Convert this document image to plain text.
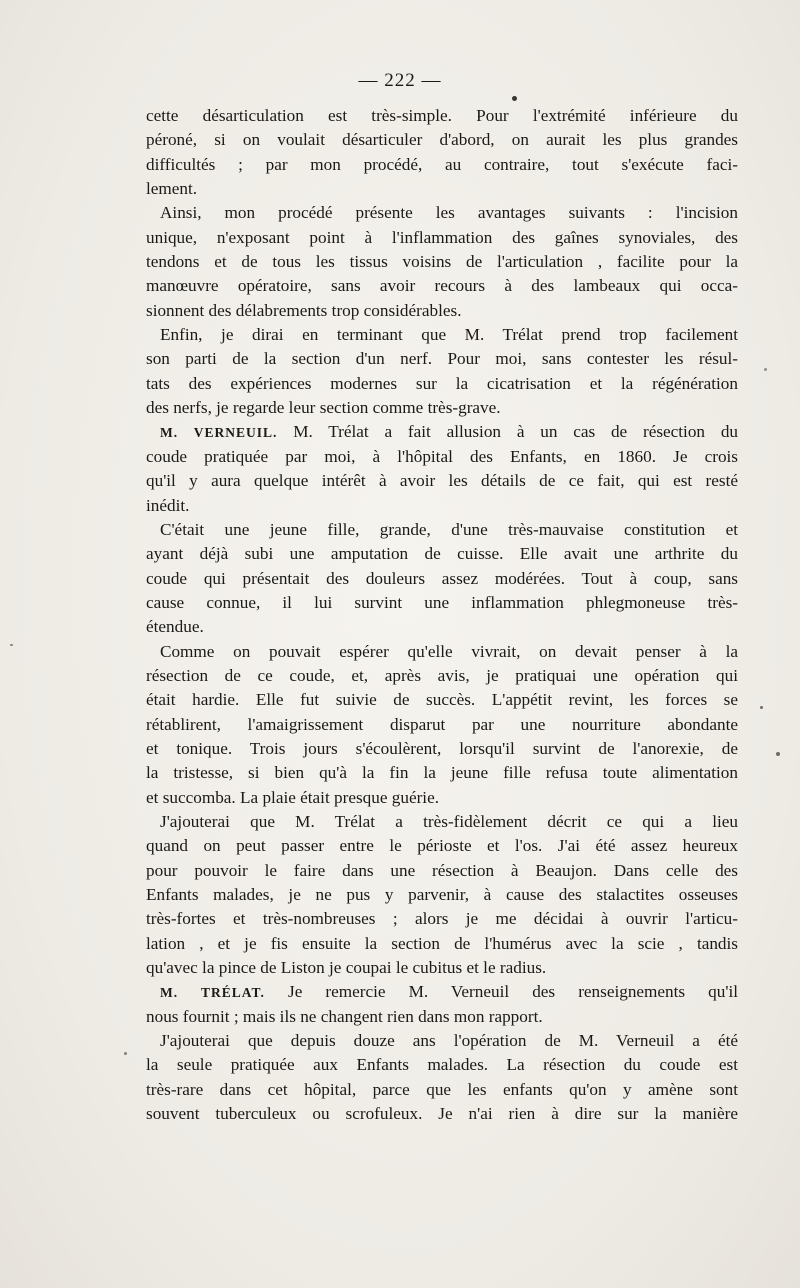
— 222 —
cette désarticulation est très-simple. Pour l'extrémité inférieure du
péroné, si on voulait désarticuler d'abord, on aurait les plus grandes
difficultés ; par mon procédé, au contraire, tout s'exécute faci-
lement.
Ainsi, mon procédé présente les avantages suivants : l'incision
unique, n'exposant point à l'inflammation des gaînes synoviales, des
tendons et de tous les tissus voisins de l'articulation , facilite pour la
manœuvre opératoire, sans avoir recours à des lambeaux qui occa-
sionnent des délabrements trop considérables.
Enfin, je dirai en terminant que M. Trélat prend trop facilement
son parti de la section d'un nerf. Pour moi, sans contester les résul-
tats des expériences modernes sur la cicatrisation et la régénération
des nerfs, je regarde leur section comme très-grave.
M. VERNEUIL. M. Trélat a fait allusion à un cas de résection du
coude pratiquée par moi, à l'hôpital des Enfants, en 1860. Je crois
qu'il y aura quelque intérêt à avoir les détails de ce fait, qui est resté
inédit.
C'était une jeune fille, grande, d'une très-mauvaise constitution et
ayant déjà subi une amputation de cuisse. Elle avait une arthrite du
coude qui présentait des douleurs assez modérées. Tout à coup, sans
cause connue, il lui survint une inflammation phlegmoneuse très-
étendue.
Comme on pouvait espérer qu'elle vivrait, on devait penser à la
résection de ce coude, et, après avis, je pratiquai une opération qui
était hardie. Elle fut suivie de succès. L'appétit revint, les forces se
rétablirent, l'amaigrissement disparut par une nourriture abondante
et tonique. Trois jours s'écoulèrent, lorsqu'il survint de l'anorexie, de
la tristesse, si bien qu'à la fin la jeune fille refusa toute alimentation
et succomba. La plaie était presque guérie.
J'ajouterai que M. Trélat a très-fidèlement décrit ce qui a lieu
quand on peut passer entre le périoste et l'os. J'ai été assez heureux
pour pouvoir le faire dans une résection à Beaujon. Dans celle des
Enfants malades, je ne pus y parvenir, à cause des stalactites osseuses
très-fortes et très-nombreuses ; alors je me décidai à ouvrir l'articu-
lation , et je fis ensuite la section de l'humérus avec la scie , tandis
qu'avec la pince de Liston je coupai le cubitus et le radius.
M. TRÉLAT. Je remercie M. Verneuil des renseignements qu'il
nous fournit ; mais ils ne changent rien dans mon rapport.
J'ajouterai que depuis douze ans l'opération de M. Verneuil a été
la seule pratiquée aux Enfants malades. La résection du coude est
très-rare dans cet hôpital, parce que les enfants qu'on y amène sont
souvent tuberculeux ou scrofuleux. Je n'ai rien à dire sur la manière
